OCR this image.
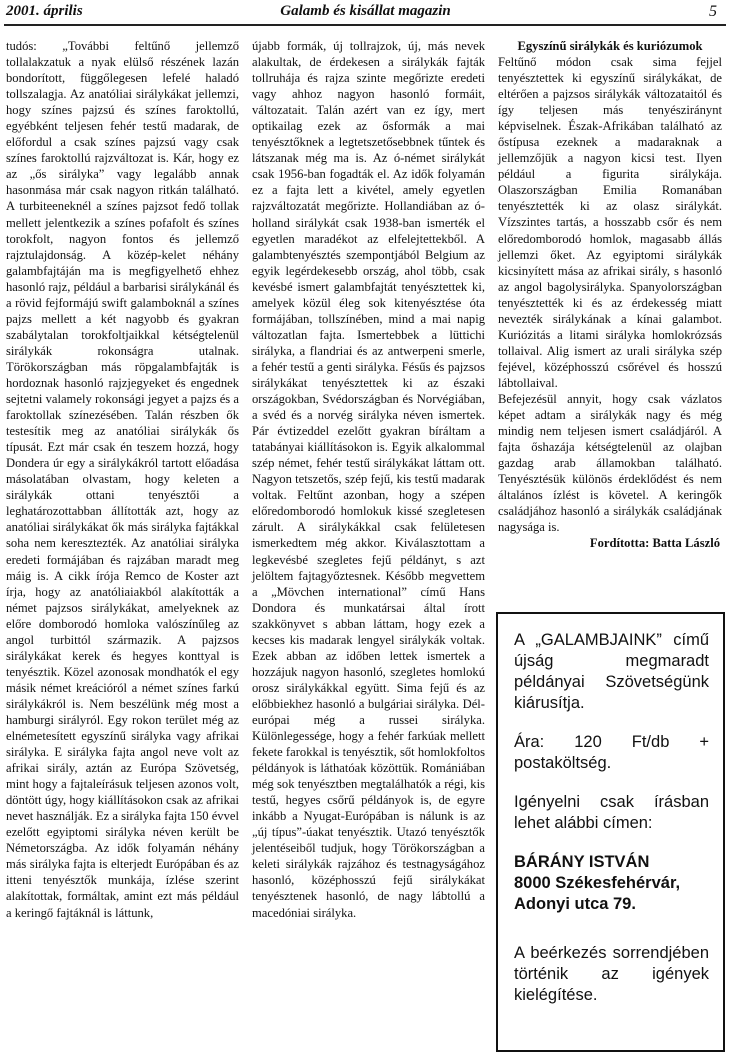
2001. április	Galamb és kisállat magazin	5

tudós: „További feltűnő jellemző tollalakzatuk a nyak elülső részének lazán bondorított, függőlegesen lefelé haladó tollszalagja. Az anatóliai sirálykákat jellemzi, hogy színes pajzsú és színes faroktollú, egyébként teljesen fehér testű madarak, de előfordul a csak színes pajzsú vagy csak színes faroktollú rajzváltozat is. Kár, hogy ez az „ős sirályka” vagy legalább annak hasonmása már csak nagyon ritkán található. A turbiteeneknél a színes pajzsot fedő tollak mellett jelentkezik a színes pofafolt és színes torokfolt, nagyon fontos és jellemző rajztulajdonság. A közép-kelet néhány galambfajtáján ma is megfigyelhető ehhez hasonló rajz, például a barbarisi sirálykánál és a rövid fejformájú swift galamboknál a színes pajzs mellett a két nagyobb és gyakran szabálytalan torokfoltjaikkal kétségtelenül sirálykák rokonságra utalnak. Törökországban más röpgalambfajták is hordoznak hasonló rajzjegyeket és engednek sejtetni valamely rokonsági jegyet a pajzs és a faroktollak színezésében. Talán részben ők testesítik meg az anatóliai sirálykák ős típusát. Ezt már csak én teszem hozzá, hogy Dondera úr egy a sirálykákról tartott előadása másolatában olvastam, hogy keleten a sirálykák ottani tenyésztői a leghatározottabban állították azt, hogy az anatóliai sirálykákat ők más sirályka fajtákkal soha nem keresztezték. Az anatóliai sirályka eredeti formájában és rajzában maradt meg máig is. A cikk írója Remco de Koster azt írja, hogy az anatóliaiakból alakították a német pajzsos sirálykákat, amelyeknek az előre domborodó homloka valószínűleg az angol turbittól származik. A pajzsos sirálykákat kerek és hegyes konttyal is tenyésztik. Közel azonosak mondhatók el egy másik német kreációról a német színes farkú sirálykákról is. Nem beszélünk még most a hamburgi sirályról. Egy rokon terület még az elnémetesített egyszínű sirályka vagy afrikai sirályka. E sirályka fajta angol neve volt az afrikai sirály, aztán az Európa Szövetség, mint hogy a fajtaleírásuk teljesen azonos volt, döntött úgy, hogy kiállításokon csak az afrikai nevet használják. Ez a sirályka fajta 150 évvel ezelőtt egyiptomi sirályka néven került be Németországba. Az idők folyamán néhány más sirályka fajta is elterjedt Európában és az itteni tenyésztők munkája, ízlése szerint alakítottak, formáltak, amint ezt más például a keringő fajtáknál is láttunk,

újabb formák, új tollrajzok, új, más nevek alakultak, de érdekesen a sirálykák fajták tollruhája és rajza szinte megőrizte eredeti vagy ahhoz nagyon hasonló formáit, változatait. Talán azért van ez így, mert optikailag ezek az ősformák a mai tenyésztőknek a legtetszetősebbnek tűntek és látszanak még ma is. Az ó-német sirálykát csak 1956-ban fogadták el. Az idők folyamán ez a fajta lett a kivétel, amely egyetlen rajzváltozatát megőrizte. Hollandiában az ó-holland sirálykát csak 1938-ban ismerték el egyetlen maradékot az elfelejtettekből. A galambtenyésztés szempontjából Belgium az egyik legérdekesebb ország, ahol több, csak kevésbé ismert galambfajtát tenyésztettek ki, amelyek közül éleg sok kitenyésztése óta formájában, tollszínében, mind a mai napig változatlan fajta. Ismertebbek a lüttichi sirályka, a flandriai és az antwerpeni smerle, a fehér testű a genti sirályka. Fésűs és pajzsos sirálykákat tenyésztettek ki az északi országokban, Svédországban és Norvégiában, a svéd és a norvég sirályka néven ismertek. Pár évtizeddel ezelőtt gyakran bíráltam a tatabányai kiállításokon is. Egyik alkalommal szép német, fehér testű sirálykákat láttam ott. Nagyon tetszetős, szép fejű, kis testű madarak voltak. Feltűnt azonban, hogy a szépen előredomborodó homlokuk kissé szegletesen zárult. A sirálykákkal csak felületesen ismerkedtem még akkor. Kiválasztottam a legkevésbé szegletes fejű példányt, s azt jelöltem fajtagyőztesnek. Később megvettem a „Mövchen international” című Hans Dondora és munkatársai által írott szakkönyvet s abban láttam, hogy ezek a kecses kis madarak lengyel sirálykák voltak. Ezek abban az időben lettek ismertek a hozzájuk nagyon hasonló, szegletes homlokú orosz sirálykákkal együtt. Sima fejű és az előbbiekhez hasonló a bulgáriai sirályka. Dél-európai még a russei sirályka. Különlegessége, hogy a fehér farkúak mellett fekete farokkal is tenyésztik, sőt homlokfoltos példányok is láthatóak közöttük. Romániában még sok tenyésztben megtalálhatók a régi, kis testű, hegyes csőrű példányok is, de egyre inkább a Nyugat-Európában is nálunk is az „új típus”-úakat tenyésztik. Utazó tenyésztők jelentéseiből tudjuk, hogy Törökországban a keleti sirálykák rajzához és testnagyságához hasonló, középhosszú fejű sirálykákat tenyésztenek hasonló, de nagy lábtollú a macedóniai sirályka.

Egyszínű sirálykák és kuriózumok

Feltűnő módon csak sima fejjel tenyésztettek ki egyszínű sirálykákat, de eltérően a pajzsos sirálykák változataitól és így teljesen más tenyésziránynt képviselnek. Észak-Afrikában található az őstípusa ezeknek a madaraknak a jellemzőjük a nagyon kicsi test. Ilyen például a figurita sirálykája. Olaszországban Emilia Romanában tenyésztették ki az olasz sirálykát. Vízszintes tartás, a hosszabb csőr és nem előredomborodó homlok, magasabb állás jellemzi őket. Az egyiptomi sirálykák kicsinyített mása az afrikai sirály, s hasonló az angol bagolysirálykа. Spanyolországban tenyésztették ki és az érdekesség miatt nevezték sirálykának a kínai galambot. Kuriózitás a litami sirályka homlokrózsás tollaival. Alig ismert az urali sirályka szép fejével, középhosszú csőrével és hosszú lábtollaival.

Befejezésül annyit, hogy csak vázlatos képet adtam a sirálykák nagy és még mindig nem teljesen ismert családjáról. A fajta őshazája kétségtelenül az olajban gazdag arab államokban található. Tenyésztésük különös érdeklődést és nem általános ízlést is követel. A keringők családjához hasonló a sirálykák családjának nagysága is.

Fordította: Batta László

A „GALAMBJAINK” című újság megmaradt példányai Szövetségünk kiárusítja.

Ára: 120 Ft/db + postaköltség.

Igényelni csak írásban lehet alábbi címen:

BÁRÁNY ISTVÁN

8000 Székesfehérvár,

Adonyi utca 79.

A beérkezés sorrendjében történik az igények kielégítése.
